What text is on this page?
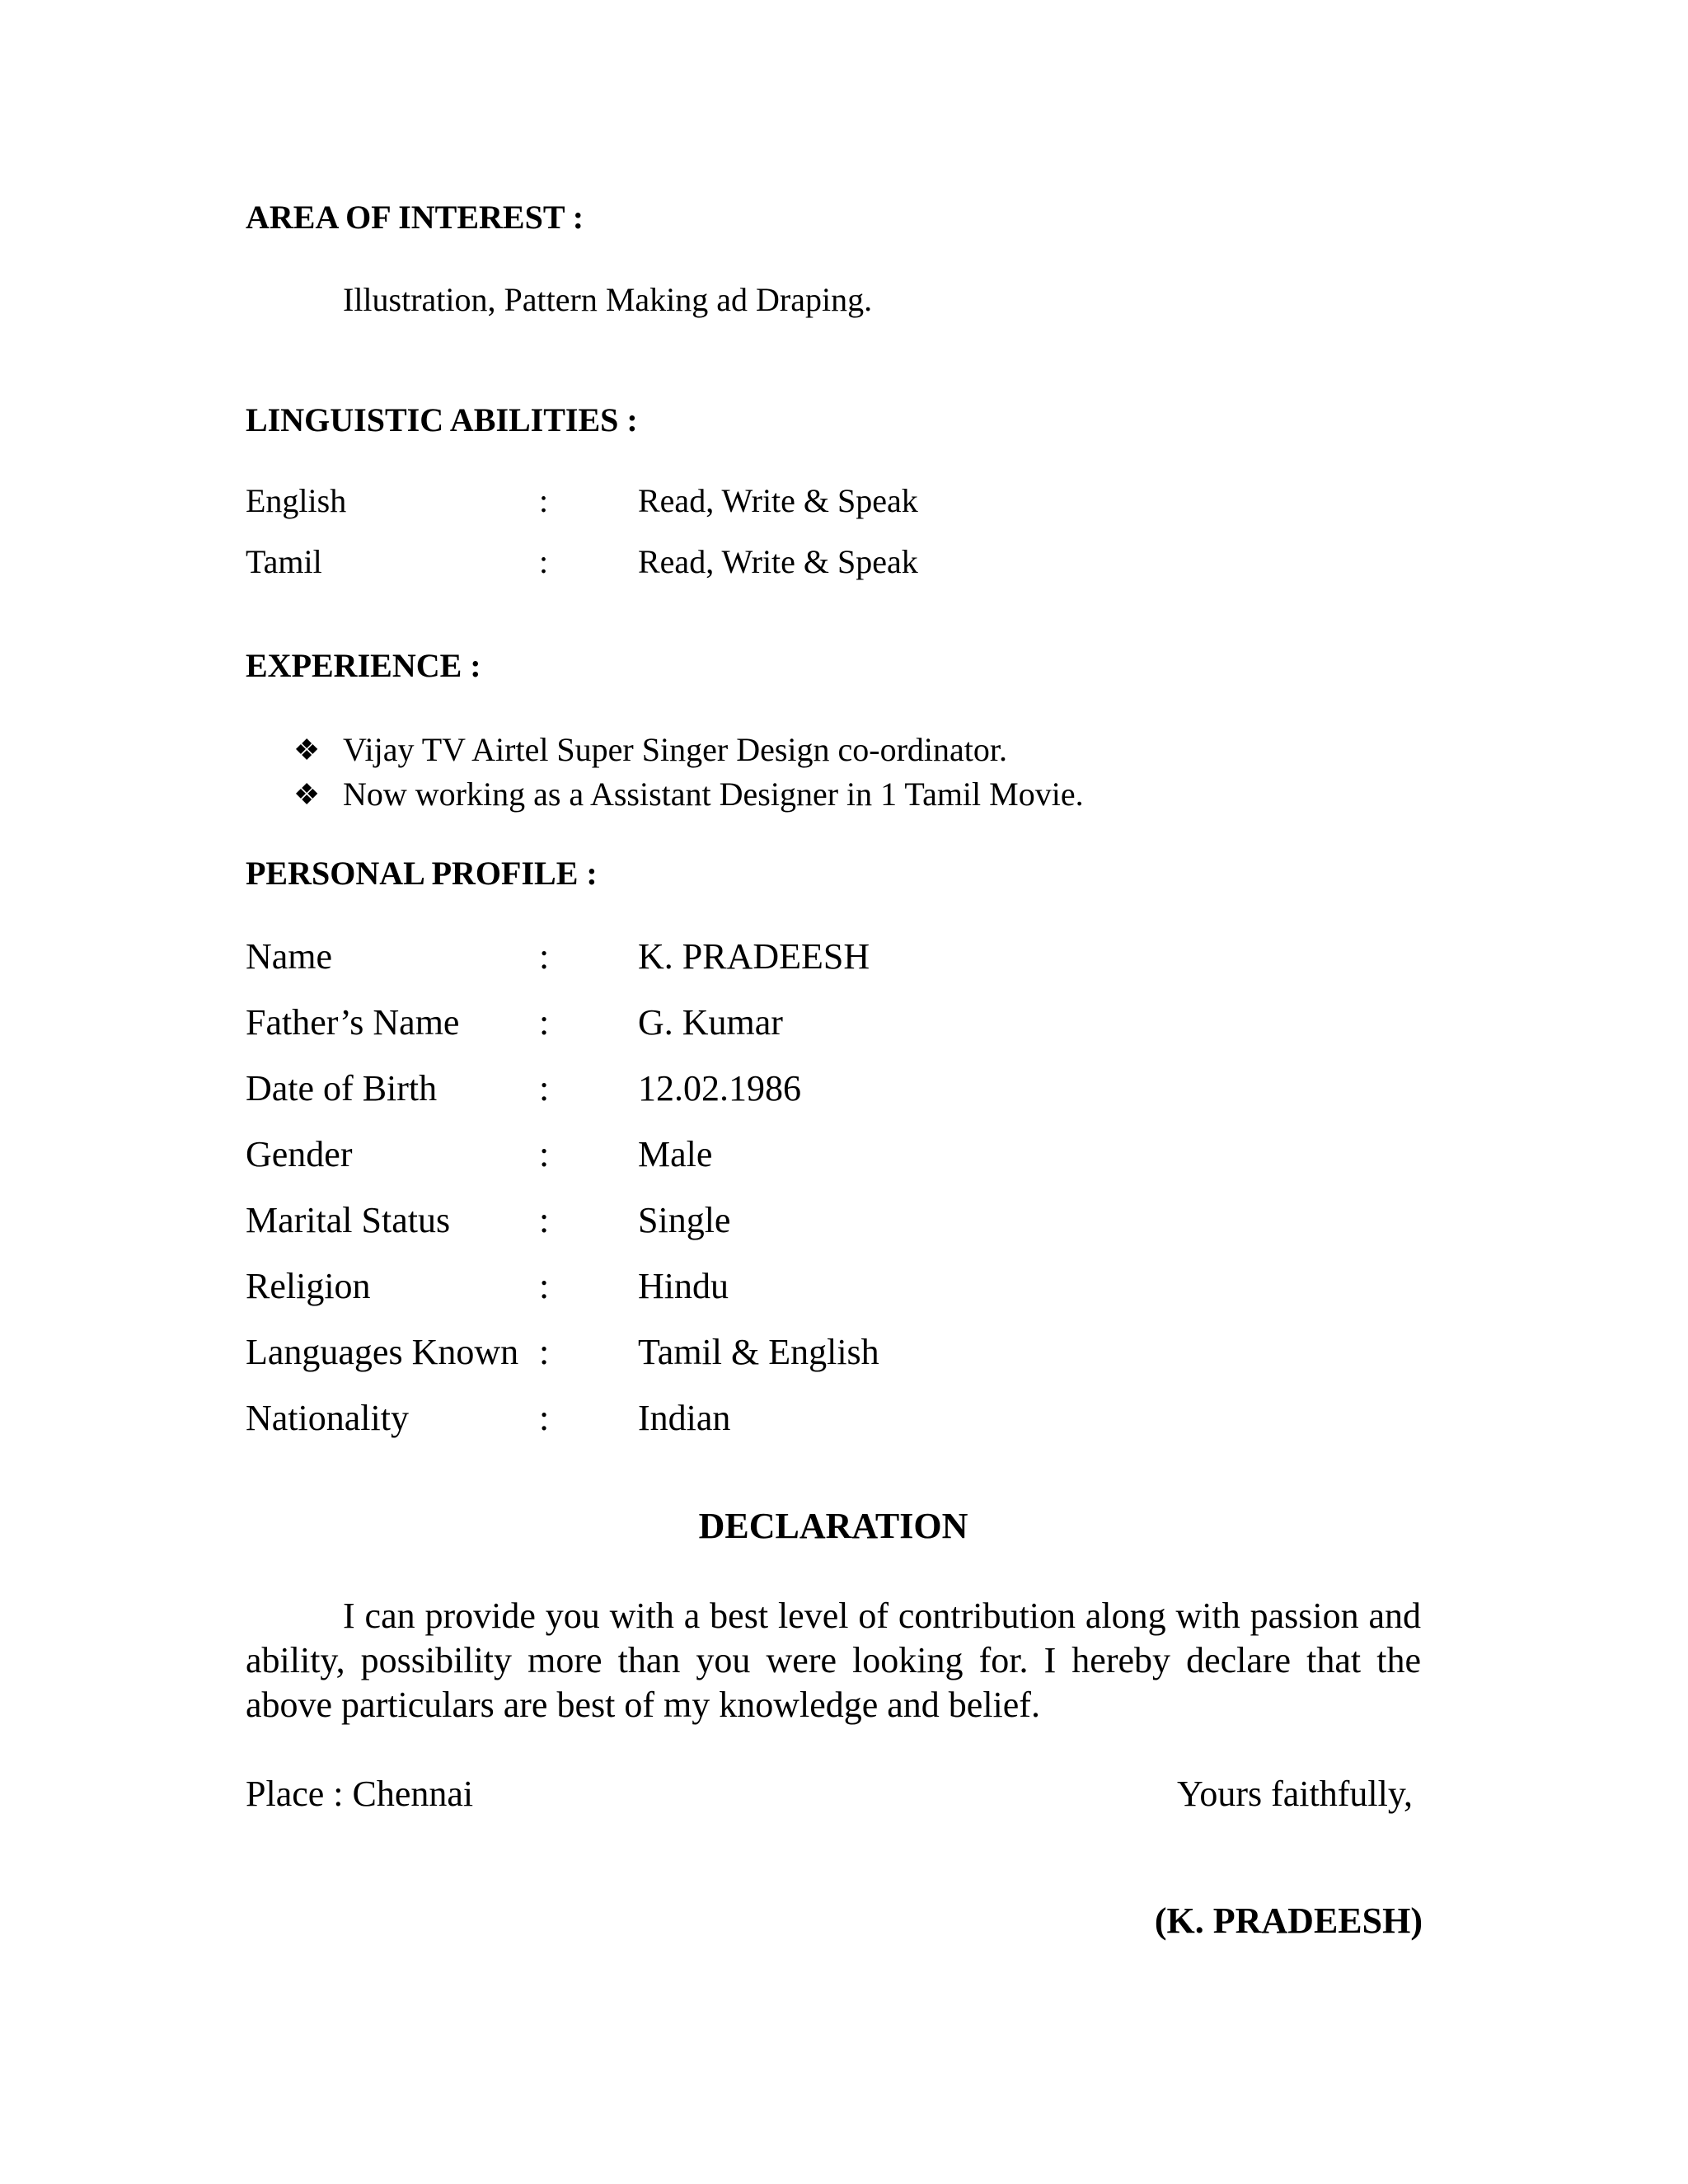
AREA OF INTEREST :
Illustration, Pattern Making ad Draping.
LINGUISTIC ABILITIES :
English	:	Read, Write & Speak
Tamil	:	Read, Write & Speak
EXPERIENCE :
❖ Vijay TV Airtel Super Singer Design co-ordinator.
❖ Now working as a Assistant Designer in 1 Tamil Movie.
PERSONAL PROFILE :
Name	: K. PRADEESH
Father’s Name : G. Kumar
Date of Birth	: 12.02.1986
Gender	: Male
Marital Status : Single
Religion	: Hindu
Languages Known : Tamil & English
Nationality	: Indian
DECLARATION
I can provide you with a best level of contribution along with passion and ability, possibility more than you were looking for. I hereby declare that the above particulars are best of my knowledge and belief.
Place : Chennai	Yours faithfully,
(K. PRADEESH)
